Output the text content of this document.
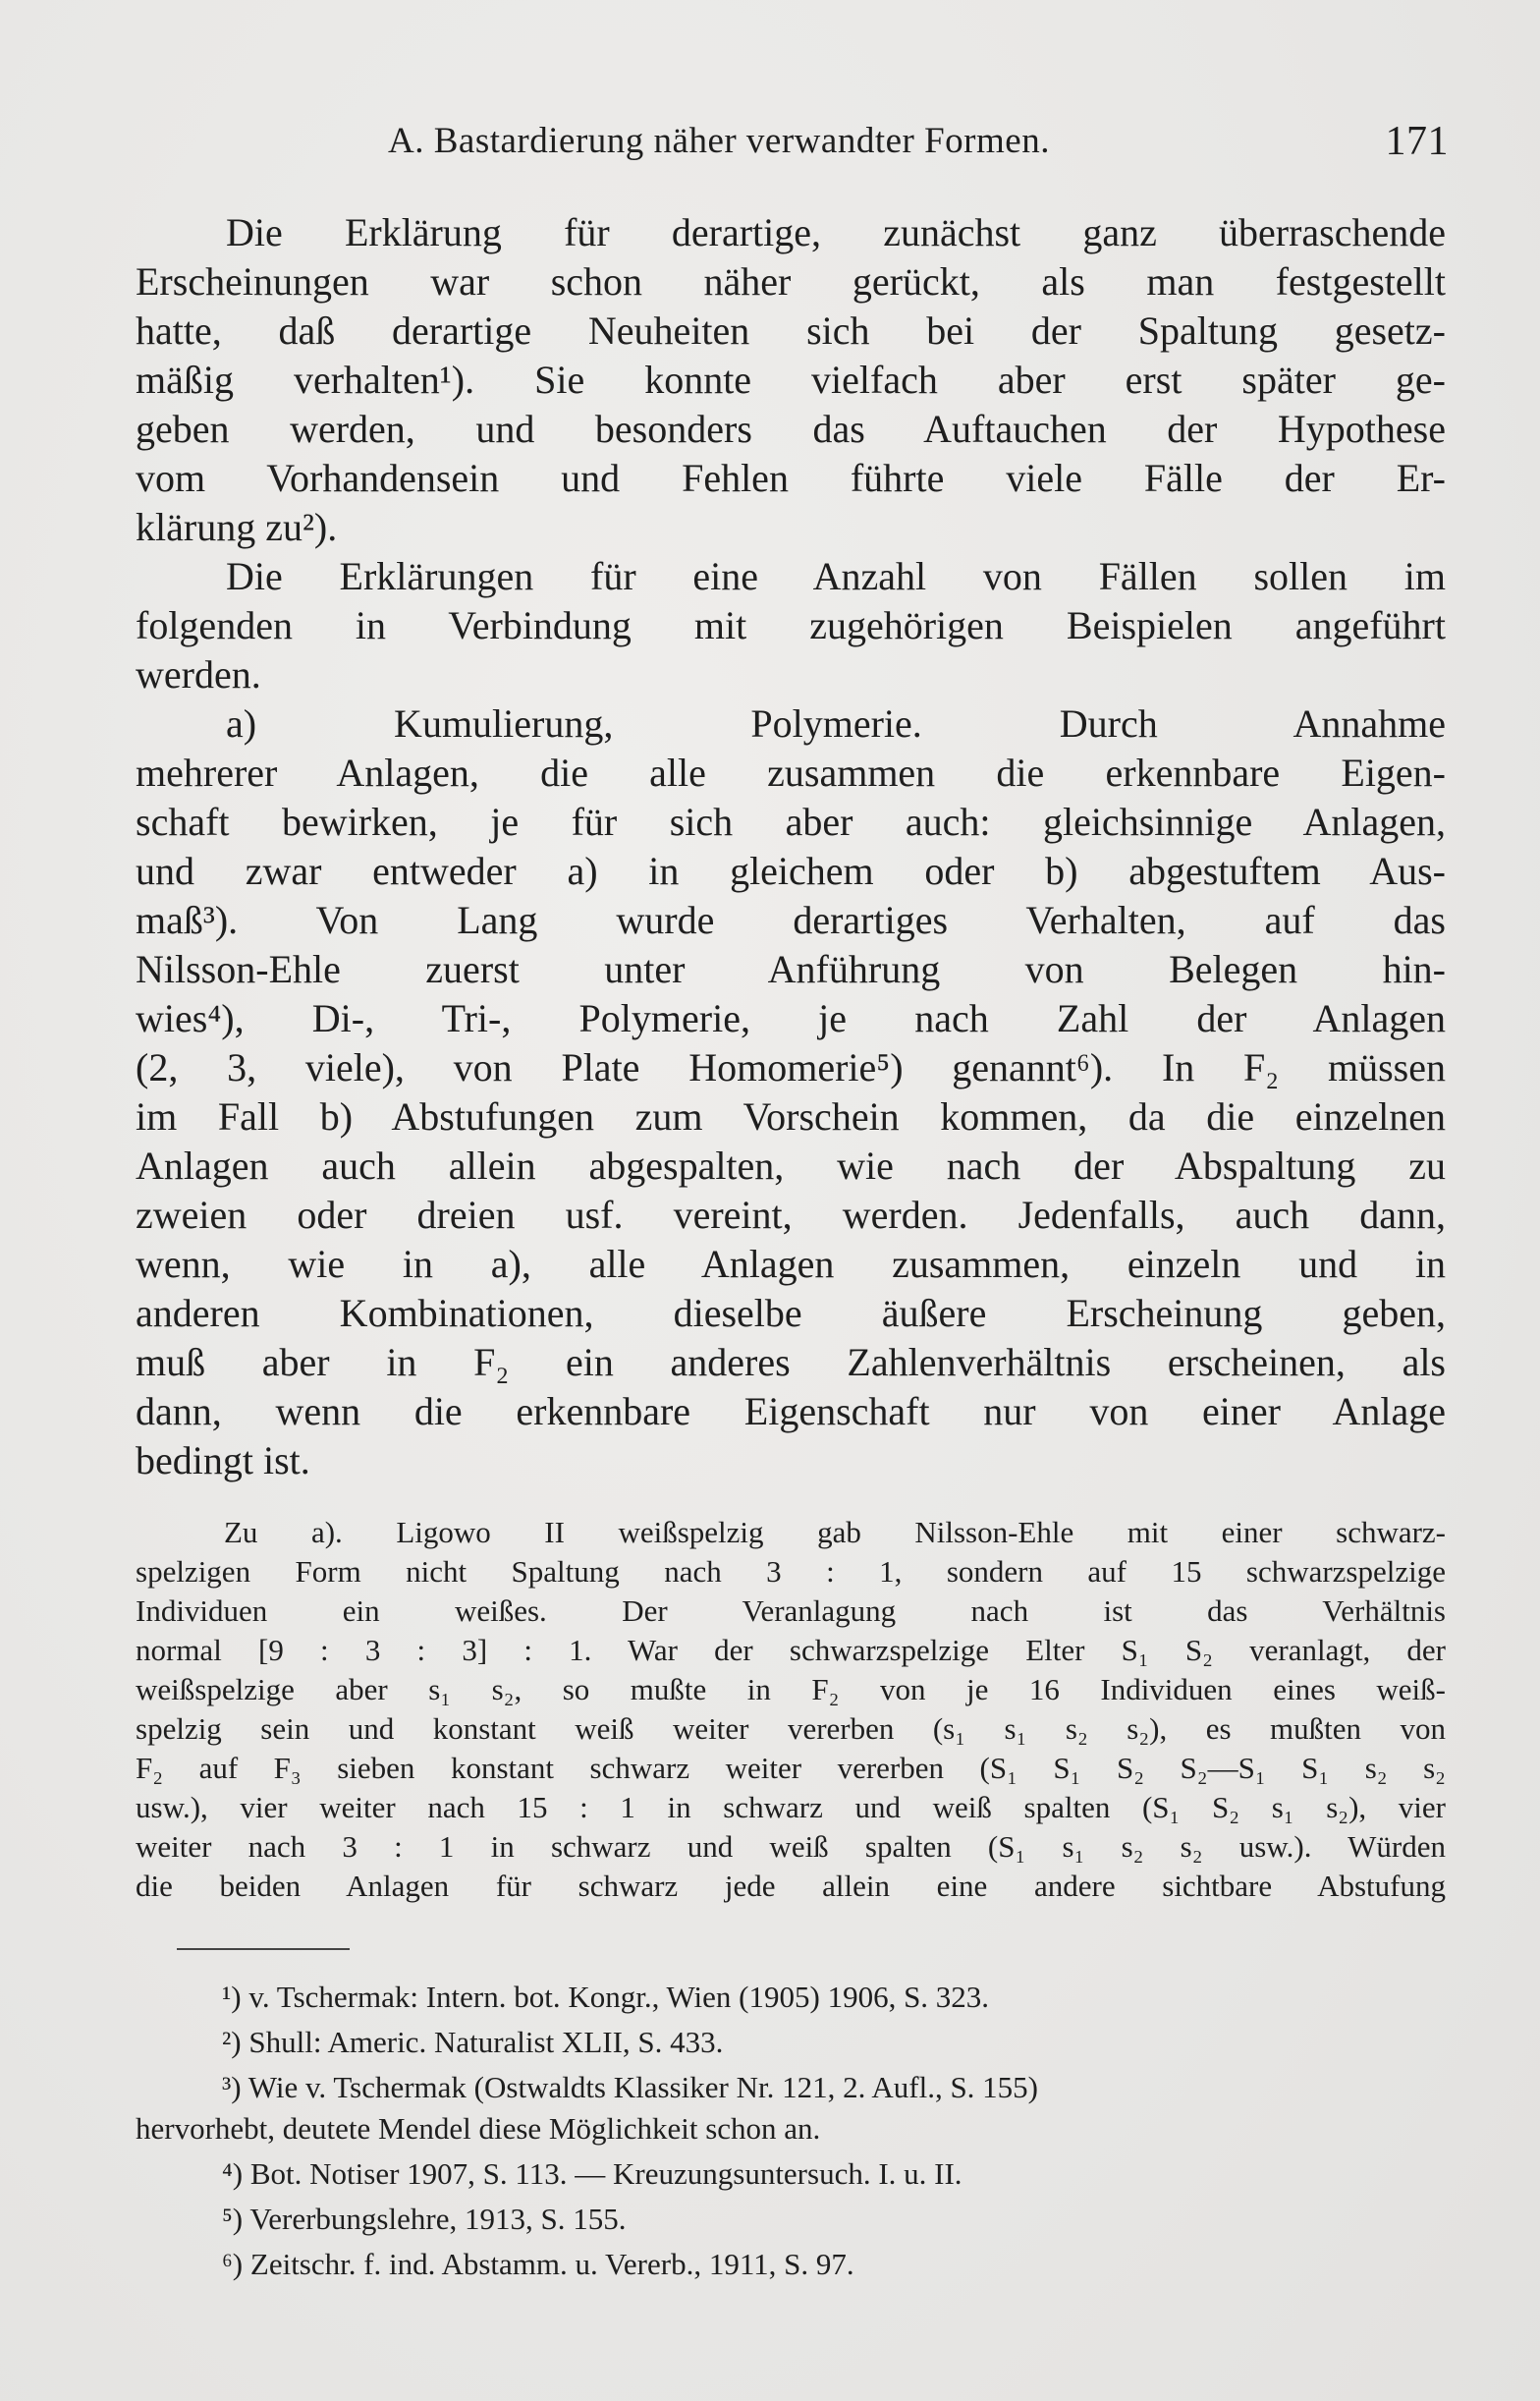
A. Bastardierung näher verwandter Formen.	171
Die Erklärung für derartige, zunächst ganz überraschende
Erscheinungen war schon näher gerückt, als man festgestellt
hatte, daß derartige Neuheiten sich bei der Spaltung gesetz-
mäßig verhalten¹). Sie konnte vielfach aber erst später ge-
geben werden, und besonders das Auftauchen der Hypothese
vom Vorhandensein und Fehlen führte viele Fälle der Er-
klärung zu²).
Die Erklärungen für eine Anzahl von Fällen sollen im
folgenden in Verbindung mit zugehörigen Beispielen angeführt
werden.
a) Kumulierung, Polymerie. Durch Annahme
mehrerer Anlagen, die alle zusammen die erkennbare Eigen-
schaft bewirken, je für sich aber auch: gleichsinnige Anlagen,
und zwar entweder a) in gleichem oder b) abgestuftem Aus-
maß³). Von Lang wurde derartiges Verhalten, auf das
Nilsson-Ehle zuerst unter Anführung von Belegen hin-
wies⁴), Di-, Tri-, Polymerie, je nach Zahl der Anlagen
(2, 3, viele), von Plate Homomerie⁵) genannt⁶). In F₂ müssen
im Fall b) Abstufungen zum Vorschein kommen, da die einzelnen
Anlagen auch allein abgespalten, wie nach der Abspaltung zu
zweien oder dreien usf. vereint, werden. Jedenfalls, auch dann,
wenn, wie in a), alle Anlagen zusammen, einzeln und in
anderen Kombinationen, dieselbe äußere Erscheinung geben,
muß aber in F₂ ein anderes Zahlenverhältnis erscheinen, als
dann, wenn die erkennbare Eigenschaft nur von einer Anlage
bedingt ist.
Zu a). Ligowo II weißspelzig gab Nilsson-Ehle mit einer schwarz-
spelzigen Form nicht Spaltung nach 3 : 1, sondern auf 15 schwarzspelzige
Individuen ein weißes. Der Veranlagung nach ist das Verhältnis
normal [9 : 3 : 3] : 1. War der schwarzspelzige Elter S₁ S₂ veranlagt, der
weißspelzige aber s₁ s₂, so mußte in F₂ von je 16 Individuen eines weiß-
spelzig sein und konstant weiß weiter vererben (s₁ s₁ s₂ s₂), es mußten von
F₂ auf F₃ sieben konstant schwarz weiter vererben (S₁ S₁ S₂ S₂—S₁ S₁ s₂ s₂
usw.), vier weiter nach 15 : 1 in schwarz und weiß spalten (S₁ S₂ s₁ s₂), vier
weiter nach 3 : 1 in schwarz und weiß spalten (S₁ s₁ s₂ s₂ usw.). Würden
die beiden Anlagen für schwarz jede allein eine andere sichtbare Abstufung
¹) v. Tschermak: Intern. bot. Kongr., Wien (1905) 1906, S. 323.
²) Shull: Americ. Naturalist XLII, S. 433.
³) Wie v. Tschermak (Ostwaldts Klassiker Nr. 121, 2. Aufl., S. 155)
hervorhebt, deutete Mendel diese Möglichkeit schon an.
⁴) Bot. Notiser 1907, S. 113. — Kreuzungsuntersuch. I. u. II.
⁵) Vererbungslehre, 1913, S. 155.
⁶) Zeitschr. f. ind. Abstamm. u. Vererb., 1911, S. 97.
